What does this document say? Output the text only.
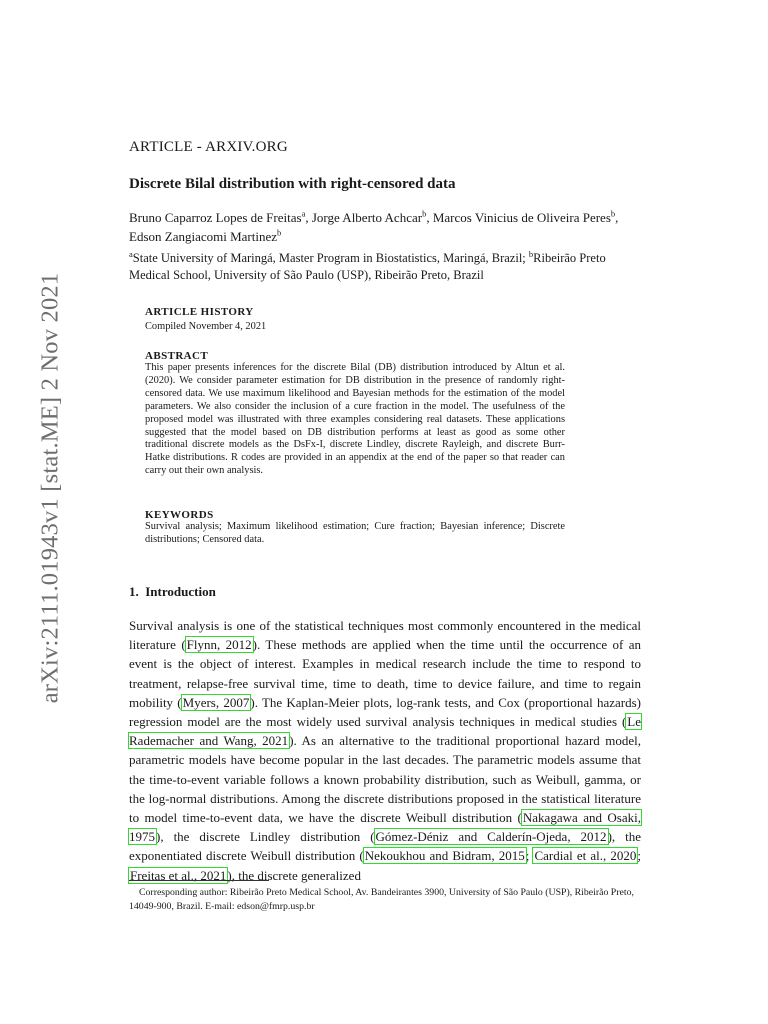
arXiv:2111.01943v1 [stat.ME] 2 Nov 2021
ARTICLE - ARXIV.ORG
Discrete Bilal distribution with right-censored data
Bruno Caparroz Lopes de Freitas$^a$, Jorge Alberto Achcar$^b$, Marcos Vinicius de Oliveira Peres$^b$, Edson Zangiacomi Martinez$^b$
$^a$State University of Maringá, Master Program in Biostatistics, Maringá, Brazil; $^b$Ribeirão Preto Medical School, University of São Paulo (USP), Ribeirão Preto, Brazil
ARTICLE HISTORY
Compiled November 4, 2021
ABSTRACT
This paper presents inferences for the discrete Bilal (DB) distribution introduced by Altun et al. (2020). We consider parameter estimation for DB distribution in the presence of randomly right-censored data. We use maximum likelihood and Bayesian methods for the estimation of the model parameters. We also consider the inclusion of a cure fraction in the model. The usefulness of the proposed model was illustrated with three examples considering real datasets. These applications suggested that the model based on DB distribution performs at least as good as some other traditional discrete models as the DsFx-I, discrete Lindley, discrete Rayleigh, and discrete Burr-Hatke distributions. R codes are provided in an appendix at the end of the paper so that reader can carry out their own analysis.
KEYWORDS
Survival analysis; Maximum likelihood estimation; Cure fraction; Bayesian inference; Discrete distributions; Censored data.
1. Introduction
Survival analysis is one of the statistical techniques most commonly encountered in the medical literature (Flynn, 2012). These methods are applied when the time until the occurrence of an event is the object of interest. Examples in medical research include the time to respond to treatment, relapse-free survival time, time to death, time to device failure, and time to regain mobility (Myers, 2007). The Kaplan-Meier plots, log-rank tests, and Cox (proportional hazards) regression model are the most widely used survival analysis techniques in medical studies (Le Rademacher and Wang, 2021). As an alternative to the traditional proportional hazard model, parametric models have become popular in the last decades. The parametric models assume that the time-to-event variable follows a known probability distribution, such as Weibull, gamma, or the log-normal distributions. Among the discrete distributions proposed in the statistical literature to model time-to-event data, we have the discrete Weibull distribution (Nakagawa and Osaki, 1975), the discrete Lindley distribution (Gómez-Déniz and Calderín-Ojeda, 2012), the exponentiated discrete Weibull distribution (Nekoukhou and Bidram, 2015; Cardial et al., 2020; Freitas et al., 2021), the discrete generalized
Corresponding author: Ribeirão Preto Medical School, Av. Bandeirantes 3900, University of São Paulo (USP), Ribeirão Preto, 14049-900, Brazil. E-mail: edson@fmrp.usp.br
